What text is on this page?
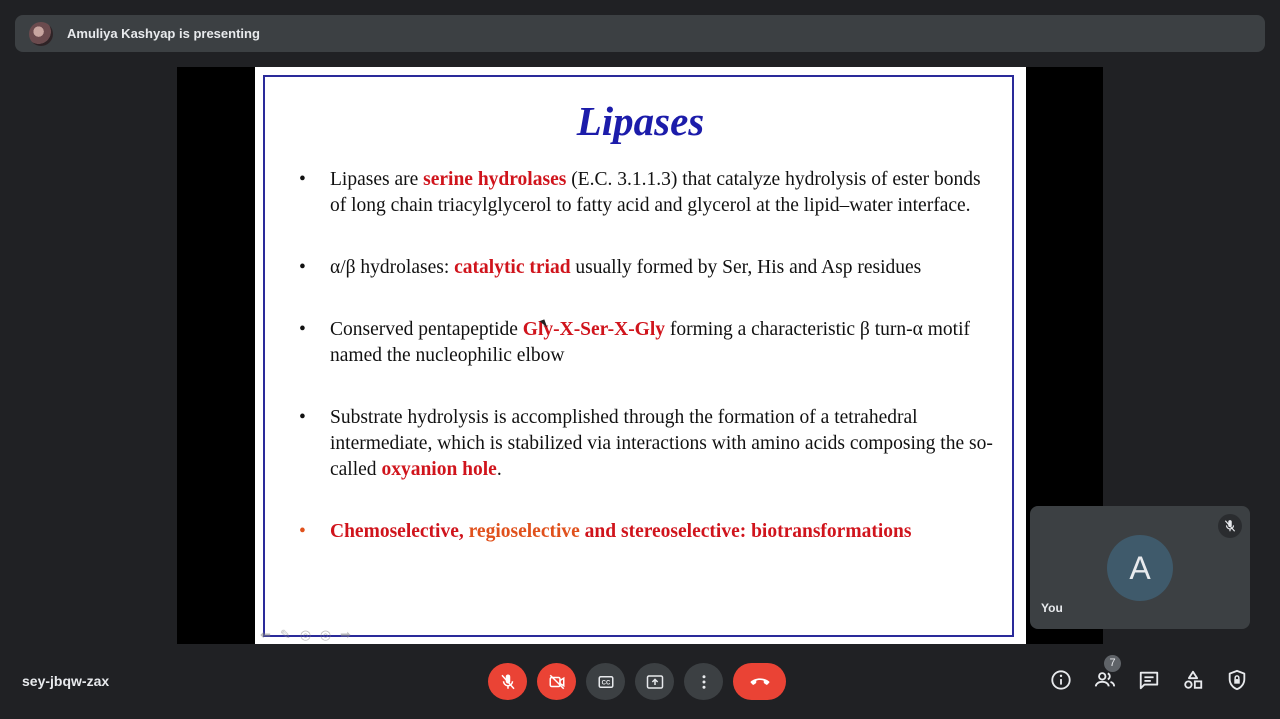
Amuliya Kashyap is presenting
Lipases
• Lipases are serine hydrolases (E.C. 3.1.1.3) that catalyze hydrolysis of ester bonds of long chain triacylglycerol to fatty acid and glycerol at the lipid–water interface.
• α/β hydrolases: catalytic triad usually formed by Ser, His and Asp residues
• Conserved pentapeptide Gly-X-Ser-X-Gly forming a characteristic β turn-α motif named the nucleophilic elbow
• Substrate hydrolysis is accomplished through the formation of a tetrahedral intermediate, which is stabilized via interactions with amino acids composing the so-called oxyanion hole.
• Chemoselective, regioselective and stereoselective: biotransformations
⬅ ✎ ◎ ◎ ➡
A
You
sey-jbqw-zax	CC
7
